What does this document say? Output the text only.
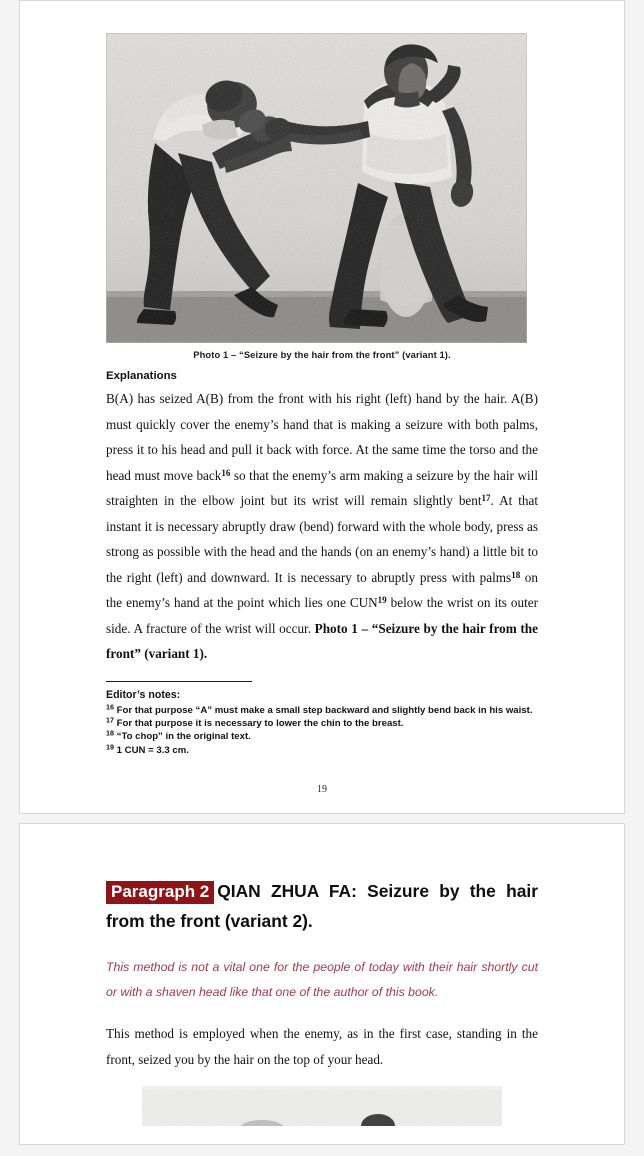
Photo 1 – “Seizure by the hair from the front” (variant 1).
Explanations

B(A) has seized A(B) from the front with his right (left) hand by the hair. A(B) must quickly cover the enemy’s hand that is making a seizure with both palms, press it to his head and pull it back with force. At the same time the torso and the head must move back$^{16}$ so that the enemy’s arm making a seizure by the hair will straighten in the elbow joint but its wrist will remain slightly bent$^{17}$. At that instant it is necessary abruptly draw (bend) forward with the whole body, press as strong as possible with the head and the hands (on an enemy’s hand) a little bit to the right (left) and downward. It is necessary to abruptly press with palms$^{18}$ on the enemy’s hand at the point which lies one CUN$^{19}$ below the wrist on its outer side. A fracture of the wrist will occur. Photo 1 – “Seizure by the hair from the front” (variant 1).

Editor’s notes:

$^{16}$ For that purpose “A” must make a small step backward and slightly bend back in his waist.

$^{17}$ For that purpose it is necessary to lower the chin to the breast.

$^{18}$ “To chop” in the original text.

$^{19}$ 1 CUN = 3.3 cm.

19
Paragraph 2 QIAN ZHUA FA: Seizure by the hair from the front (variant 2).
This method is not a vital one for the people of today with their hair shortly cut or with a shaven head like that one of the author of this book.
This method is employed when the enemy, as in the first case, standing in the front, seized you by the hair on the top of your head.
